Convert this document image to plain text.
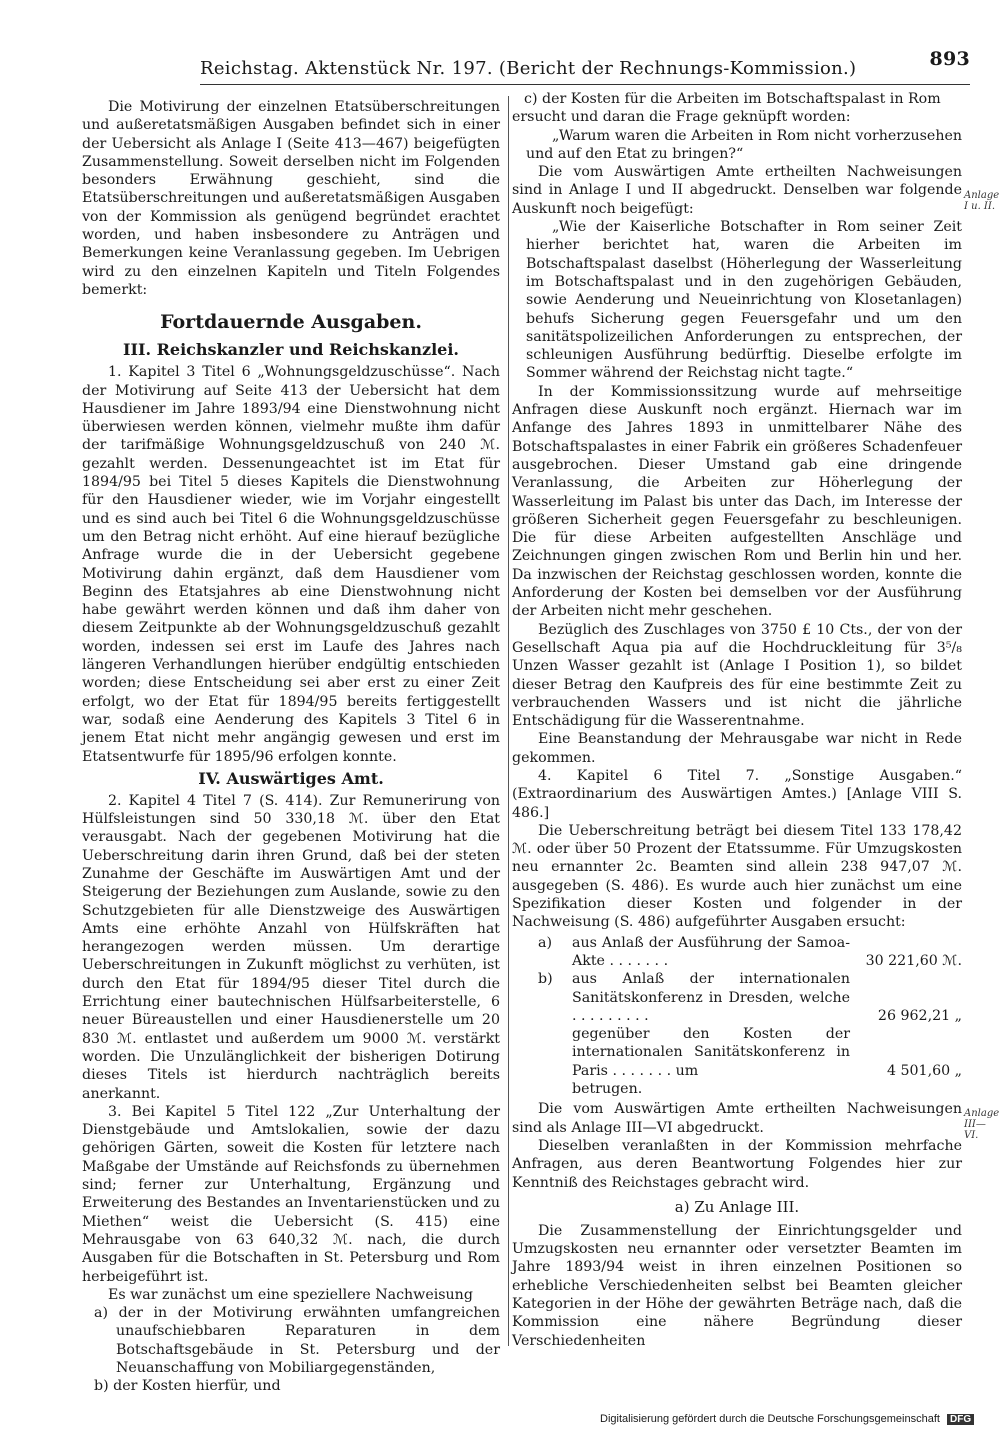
Reichstag. Aktenstück Nr. 197. (Bericht der Rechnungs-Kommission.)	893

Die Motivirung der einzelnen Etatsüberschreitungen und außeretatsmäßigen Ausgaben befindet sich in einer der Uebersicht als Anlage I (Seite 413—467) beigefügten Zusammenstellung. Soweit derselben nicht im Folgenden besonders Erwähnung geschieht, sind die Etatsüberschreitungen und außeretatsmäßigen Ausgaben von der Kommission als genügend begründet erachtet worden, und haben insbesondere zu Anträgen und Bemerkungen keine Veranlassung gegeben. Im Uebrigen wird zu den einzelnen Kapiteln und Titeln Folgendes bemerkt:

Fortdauernde Ausgaben.
III. Reichskanzler und Reichskanzlei.

1. Kapitel 3 Titel 6 „Wohnungsgeldzuschüsse“. Nach der Motivirung auf Seite 413 der Uebersicht hat dem Hausdiener im Jahre 1893/94 eine Dienstwohnung nicht überwiesen werden können, vielmehr mußte ihm dafür der tarifmäßige Wohnungsgeldzuschuß von 240 ℳ. gezahlt werden. Dessenungeachtet ist im Etat für 1894/95 bei Titel 5 dieses Kapitels die Dienstwohnung für den Hausdiener wieder, wie im Vorjahr eingestellt und es sind auch bei Titel 6 die Wohnungsgeldzuschüsse um den Betrag nicht erhöht. Auf eine hierauf bezügliche Anfrage wurde die in der Uebersicht gegebene Motivirung dahin ergänzt, daß dem Hausdiener vom Beginn des Etatsjahres ab eine Dienstwohnung nicht habe gewährt werden können und daß ihm daher von diesem Zeitpunkte ab der Wohnungsgeldzuschuß gezahlt worden, indessen sei erst im Laufe des Jahres nach längeren Verhandlungen hierüber endgültig entschieden worden; diese Entscheidung sei aber erst zu einer Zeit erfolgt, wo der Etat für 1894/95 bereits fertiggestellt war, sodaß eine Aenderung des Kapitels 3 Titel 6 in jenem Etat nicht mehr angängig gewesen und erst im Etatsentwurfe für 1895/96 erfolgen konnte.

IV. Auswärtiges Amt.

2. Kapitel 4 Titel 7 (S. 414). Zur Remunerirung von Hülfsleistungen sind 50 330,18 ℳ. über den Etat verausgabt. Nach der gegebenen Motivirung hat die Ueberschreitung darin ihren Grund, daß bei der steten Zunahme der Geschäfte im Auswärtigen Amt und der Steigerung der Beziehungen zum Auslande, sowie zu den Schutzgebieten für alle Dienstzweige des Auswärtigen Amts eine erhöhte Anzahl von Hülfskräften hat herangezogen werden müssen. Um derartige Ueberschreitungen in Zukunft möglichst zu verhüten, ist durch den Etat für 1894/95 dieser Titel durch die Errichtung einer bautechnischen Hülfsarbeiterstelle, 6 neuer Büreaustellen und einer Hausdienerstelle um 20 830 ℳ. entlastet und außerdem um 9000 ℳ. verstärkt worden. Die Unzulänglichkeit der bisherigen Dotirung dieses Titels ist hierdurch nachträglich bereits anerkannt.

3. Bei Kapitel 5 Titel 122 „Zur Unterhaltung der Dienstgebäude und Amtslokalien, sowie der dazu gehörigen Gärten, soweit die Kosten für letztere nach Maßgabe der Umstände auf Reichsfonds zu übernehmen sind; ferner zur Unterhaltung, Ergänzung und Erweiterung des Bestandes an Inventarienstücken und zu Miethen“ weist die Uebersicht (S. 415) eine Mehrausgabe von 63 640,32 ℳ. nach, die durch Ausgaben für die Botschaften in St. Petersburg und Rom herbeigeführt ist.

Es war zunächst um eine speziellere Nachweisung

a) der in der Motivirung erwähnten umfangreichen unaufschiebbaren Reparaturen in dem Botschaftsgebäude in St. Petersburg und der Neuanschaffung von Mobiliargegenständen,

b) der Kosten hierfür, und

c) der Kosten für die Arbeiten im Botschaftspalast in Rom

ersucht und daran die Frage geknüpft worden:

„Warum waren die Arbeiten in Rom nicht vorherzusehen und auf den Etat zu bringen?“

Die vom Auswärtigen Amte ertheilten Nachweisungen sind in Anlage I und II abgedruckt. Denselben war folgende Auskunft noch beigefügt:

„Wie der Kaiserliche Botschafter in Rom seiner Zeit hierher berichtet hat, waren die Arbeiten im Botschaftspalast daselbst (Höherlegung der Wasserleitung im Botschaftspalast und in den zugehörigen Gebäuden, sowie Aenderung und Neueinrichtung von Klosetanlagen) behufs Sicherung gegen Feuersgefahr und um den sanitätspolizeilichen Anforderungen zu entsprechen, der schleunigen Ausführung bedürftig. Dieselbe erfolgte im Sommer während der Reichstag nicht tagte.“

In der Kommissionssitzung wurde auf mehrseitige Anfragen diese Auskunft noch ergänzt. Hiernach war im Anfange des Jahres 1893 in unmittelbarer Nähe des Botschaftspalastes in einer Fabrik ein größeres Schadenfeuer ausgebrochen. Dieser Umstand gab eine dringende Veranlassung, die Arbeiten zur Höherlegung der Wasserleitung im Palast bis unter das Dach, im Interesse der größeren Sicherheit gegen Feuersgefahr zu beschleunigen. Die für diese Arbeiten aufgestellten Anschläge und Zeichnungen gingen zwischen Rom und Berlin hin und her. Da inzwischen der Reichstag geschlossen worden, konnte die Anforderung der Kosten bei demselben vor der Ausführung der Arbeiten nicht mehr geschehen.

Bezüglich des Zuschlages von 3750 £ 10 Cts., der von der Gesellschaft Aqua pia auf die Hochdruckleitung für 3⁵/₈ Unzen Wasser gezahlt ist (Anlage I Position 1), so bildet dieser Betrag den Kaufpreis des für eine bestimmte Zeit zu verbrauchenden Wassers und ist nicht die jährliche Entschädigung für die Wasserentnahme.

Eine Beanstandung der Mehrausgabe war nicht in Rede gekommen.

4. Kapitel 6 Titel 7. „Sonstige Ausgaben.“ (Extraordinarium des Auswärtigen Amtes.) [Anlage VIII S. 486.]

Die Ueberschreitung beträgt bei diesem Titel 133 178,42 ℳ. oder über 50 Prozent der Etatssumme. Für Umzugskosten neu ernannter 2c. Beamten sind allein 238 947,07 ℳ. ausgegeben (S. 486). Es wurde auch hier zunächst um eine Spezifikation dieser Kosten und folgender in der Nachweisung (S. 486) aufgeführter Ausgaben ersucht:

a)	aus Anlaß der Ausführung der Samoa-Akte . . . . . . .	30 221,60 ℳ.
b)	aus Anlaß der internationalen Sanitätskonferenz in Dresden, welche . . . . . . . . .	26 962,21 „
	gegenüber den Kosten der internationalen Sanitätskonferenz in Paris . . . . . . . um	4 501,60 „
	betrugen.	

Die vom Auswärtigen Amte ertheilten Nachweisungen sind als Anlage III—VI abgedruckt.

Dieselben veranlaßten in der Kommission mehrfache Anfragen, aus deren Beantwortung Folgendes hier zur Kenntniß des Reichstages gebracht wird.

a) Zu Anlage III.

Die Zusammenstellung der Einrichtungsgelder und Umzugskosten neu ernannter oder versetzter Beamten im Jahre 1893/94 weist in ihren einzelnen Positionen so erhebliche Verschiedenheiten selbst bei Beamten gleicher Kategorien in der Höhe der gewährten Beträge nach, daß die Kommission eine nähere Begründung dieser Verschiedenheiten

Anlage I u. II.
Anlage III—VI.
Digitalisierung gefördert durch die Deutsche Forschungsgemeinschaft DFG
